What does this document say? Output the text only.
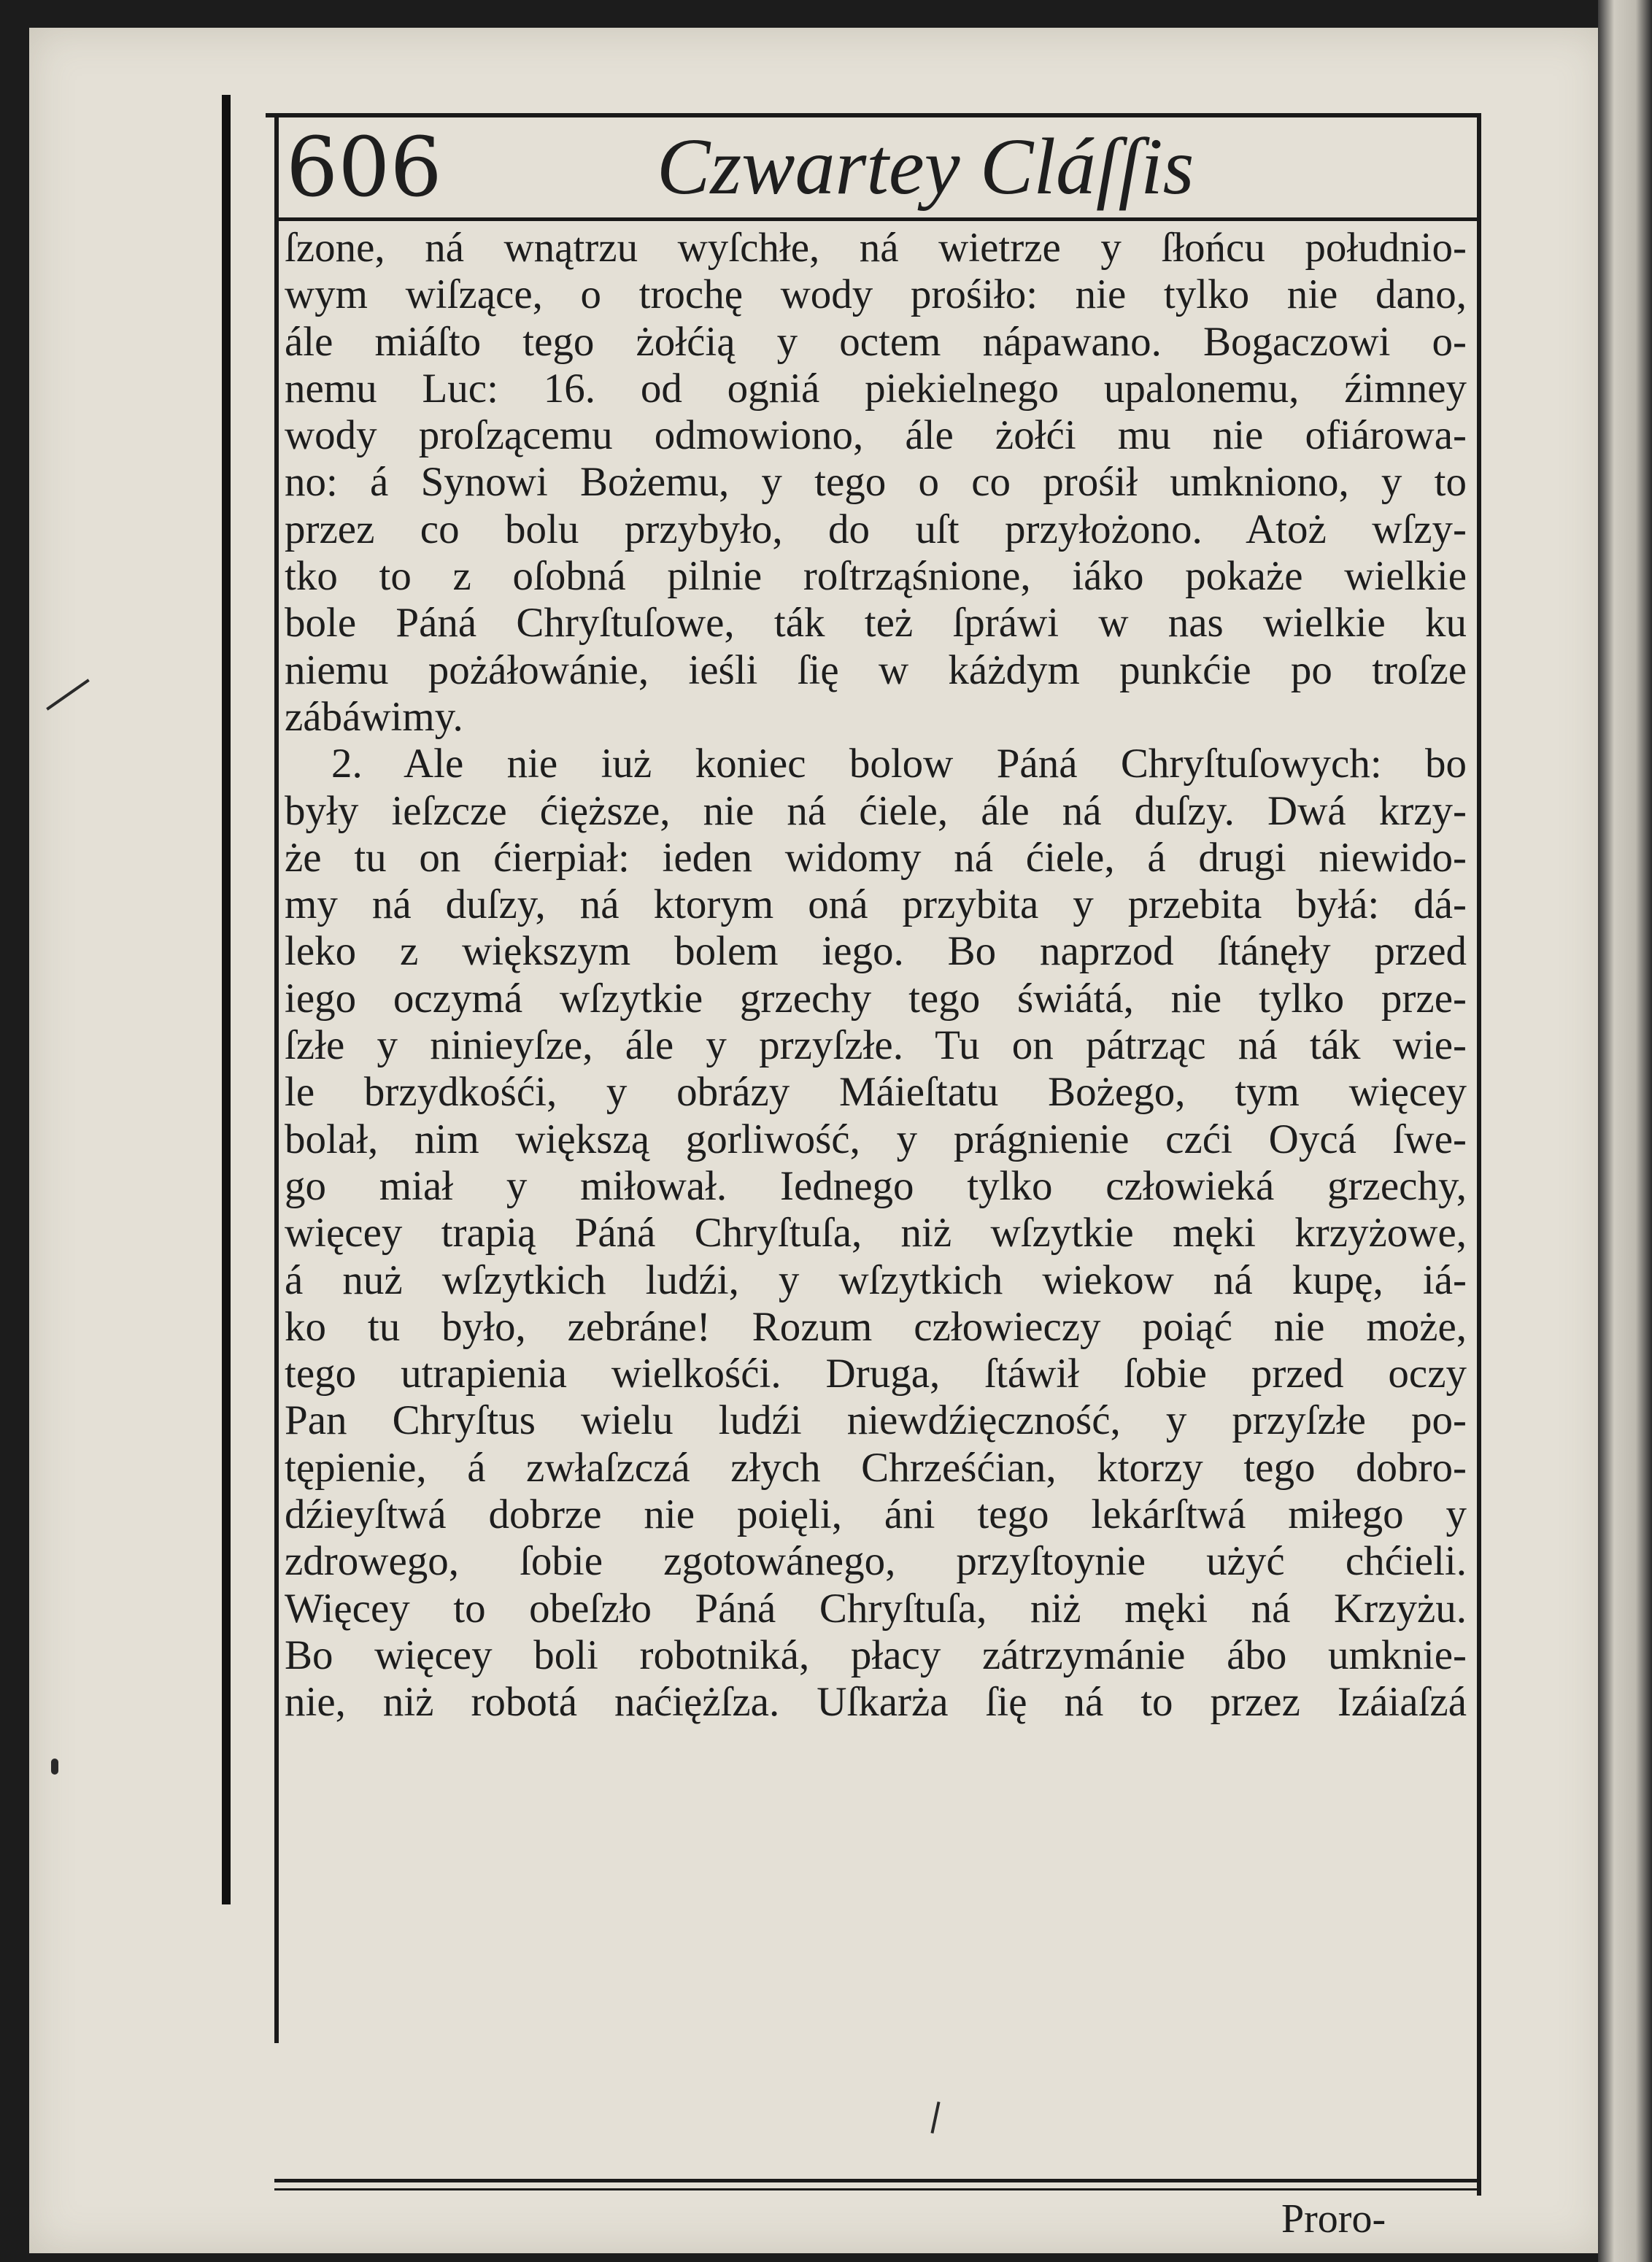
606	Czwartey Cláſſis
ſzone, ná wnątrzu wyſchłe, ná wietrze y ſłońcu południo-
wym wiſzące, o trochę wody prośiło: nie tylko nie dano,
ále miáſto tego żołćią y octem nápawano. Bogaczowi o-
nemu Luc: 16. od ogniá piekielnego upalonemu, źimney
wody proſzącemu odmowiono, ále żołći mu nie ofiárowa-
no: á Synowi Bożemu, y tego o co prośił umkniono, y to
przez co bolu przybyło, do uſt przyłożono. Atoż wſzy-
tko to z oſobná pilnie roſtrząśnione, iáko pokaże wielkie
bole Páná Chryſtuſowe, ták też ſpráwi w nas wielkie ku
niemu pożáłowánie, ieśli ſię w káżdym punkćie po troſze
zábáwimy.
2. Ale nie iuż koniec bolow Páná Chryſtuſowych: bo
były ieſzcze ćięższe, nie ná ćiele, ále ná duſzy. Dwá krzy-
że tu on ćierpiał: ieden widomy ná ćiele, á drugi niewido-
my ná duſzy, ná ktorym oná przybita y przebita byłá: dá-
leko z większym bolem iego. Bo naprzod ſtánęły przed
iego oczymá wſzytkie grzechy tego świátá, nie tylko prze-
ſzłe y ninieyſze, ále y przyſzłe. Tu on pátrząc ná ták wie-
le brzydkośći, y obrázy Máieſtatu Bożego, tym więcey
bolał, nim większą gorliwość, y prágnienie czći Oycá ſwe-
go miał y miłował. Iednego tylko człowieká grzechy,
więcey trapią Páná Chryſtuſa, niż wſzytkie męki krzyżowe,
á nuż wſzytkich ludźi, y wſzytkich wiekow ná kupę, iá-
ko tu było, zebráne! Rozum człowieczy poiąć nie może,
tego utrapienia wielkośći. Druga, ſtáwił ſobie przed oczy
Pan Chryſtus wielu ludźi niewdźięczność, y przyſzłe po-
tępienie, á zwłaſzczá złych Chrześćian, ktorzy tego dobro-
dźieyſtwá dobrze nie poięli, áni tego lekárſtwá miłego y
zdrowego, ſobie zgotowánego, przyſtoynie użyć chćieli.
Więcey to obeſzło Páná Chryſtuſa, niż męki ná Krzyżu.
Bo więcey boli robotniká, płacy zátrzymánie ábo umknie-
nie, niż robotá naćiężſza. Uſkarża ſię ná to przez Izáiaſzá
Proro-
